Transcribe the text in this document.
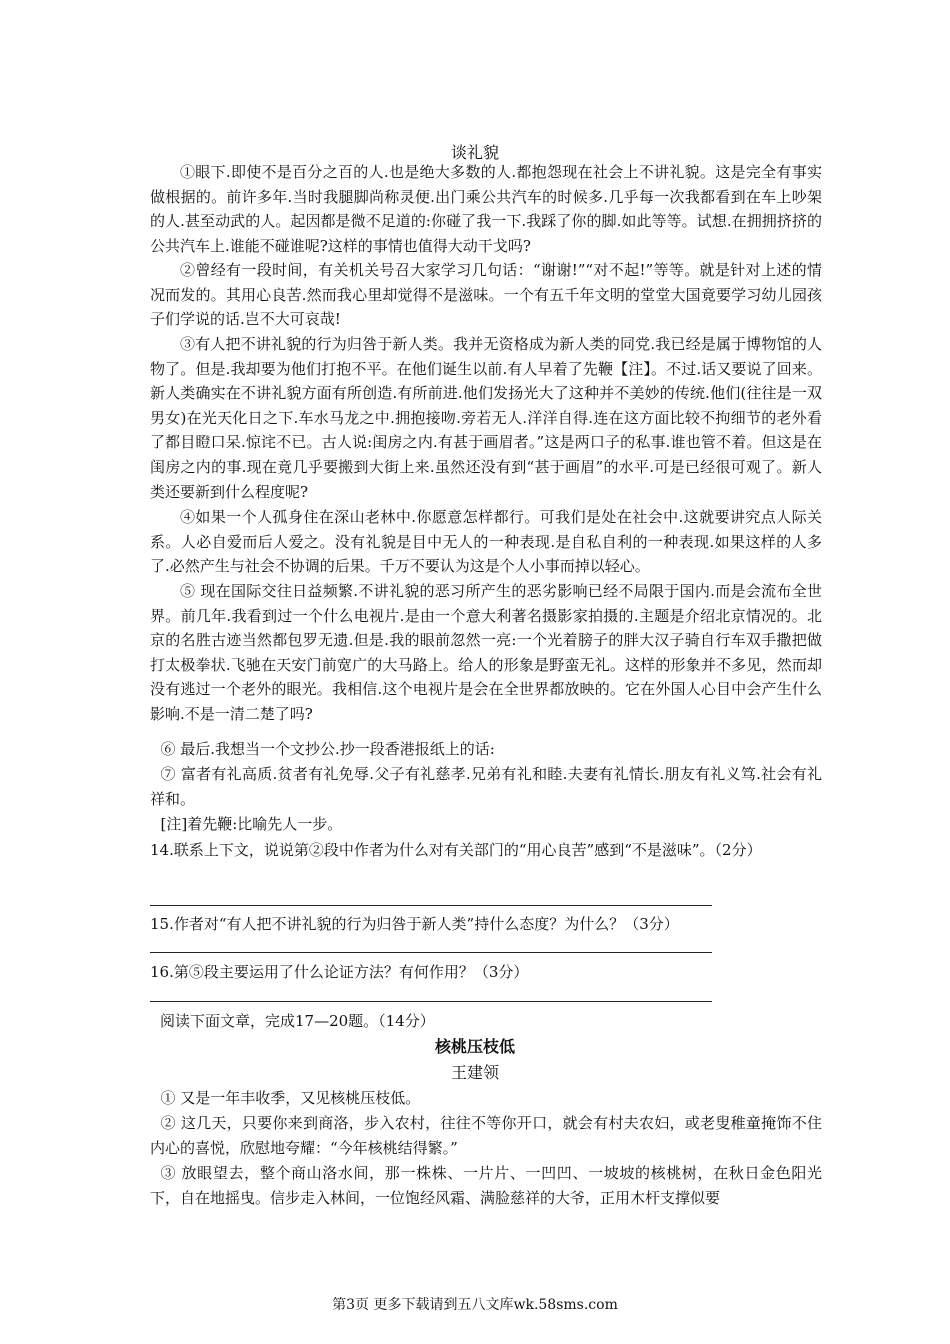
谈礼貌

①眼下.即使不是百分之百的人.也是绝大多数的人.都抱怨现在社会上不讲礼貌。这是完全有事实做根据的。前许多年.当时我腿脚尚称灵便.出门乘公共汽车的时候多.几乎每一次我都看到在车上吵架的人.甚至动武的人。起因都是微不足道的:你碰了我一下.我踩了你的脚.如此等等。试想.在拥拥挤挤的公共汽车上.谁能不碰谁呢?这样的事情也值得大动干戈吗?

②曾经有一段时间，有关机关号召大家学习几句话：“谢谢!”“对不起!”等等。就是针对上述的情况而发的。其用心良苦.然而我心里却觉得不是滋味。一个有五千年文明的堂堂大国竟要学习幼儿园孩子们学说的话.岂不大可哀哉!

③有人把不讲礼貌的行为归咎于新人类。我并无资格成为新人类的同党.我已经是属于博物馆的人物了。但是.我却要为他们打抱不平。在他们诞生以前.有人早着了先鞭【注】。不过.话又要说了回来。新人类确实在不讲礼貌方面有所创造.有所前进.他们发扬光大了这种并不美妙的传统.他们(往往是一双男女)在光天化日之下.车水马龙之中.拥抱接吻.旁若无人.洋洋自得.连在这方面比较不拘细节的老外看了都目瞪口呆.惊诧不已。古人说:闺房之内.有甚于画眉者。”这是两口子的私事.谁也管不着。但这是在闺房之内的事.现在竟几乎要搬到大街上来.虽然还没有到“甚于画眉”的水平.可是已经很可观了。新人类还要新到什么程度呢?

④如果一个人孤身住在深山老林中.你愿意怎样都行。可我们是处在社会中.这就要讲究点人际关系。人必自爱而后人爱之。没有礼貌是目中无人的一种表现.是自私自利的一种表现.如果这样的人多了.必然产生与社会不协调的后果。千万不要认为这是个人小事而掉以轻心。

⑤ 现在国际交往日益频繁.不讲礼貌的恶习所产生的恶劣影响已经不局限于国内.而是会流布全世界。前几年.我看到过一个什么电视片.是由一个意大利著名摄影家拍摄的.主题是介绍北京情况的。北京的名胜古迹当然都包罗无遗.但是.我的眼前忽然一亮:一个光着膀子的胖大汉子骑自行车双手撒把做打太极拳状.飞驰在天安门前宽广的大马路上。给人的形象是野蛮无礼。这样的形象并不多见，然而却没有逃过一个老外的眼光。我相信.这个电视片是会在全世界都放映的。它在外国人心目中会产生什么影响.不是一清二楚了吗?

⑥ 最后.我想当一个文抄公.抄一段香港报纸上的话:

⑦ 富者有礼高质.贫者有礼免辱.父子有礼慈孝.兄弟有礼和睦.夫妻有礼情长.朋友有礼义笃.社会有礼祥和。

[注]着先鞭:比喻先人一步。

14.联系上下文，说说第②段中作者为什么对有关部门的“用心良苦”感到“不是滋味”。（2分）

15.作者对“有人把不讲礼貌的行为归咎于新人类”持什么态度？为什么？（3分）
16.第⑤段主要运用了什么论证方法？有何作用？（3分）
阅读下面文章，完成17—20题。（14分）
核桃压枝低
王建领

① 又是一年丰收季，又见核桃压枝低。

② 这几天，只要你来到商洛，步入农村，往往不等你开口，就会有村夫农妇，或老叟稚童掩饰不住内心的喜悦，欣慰地夸耀：“今年核桃结得繁。”

③ 放眼望去，整个商山洛水间，那一株株、一片片、一凹凹、一坡坡的核桃树，在秋日金色阳光下，自在地摇曳。信步走入林间，一位饱经风霜、满脸慈祥的大爷，正用木杆支撑似要

第3页 更多下载请到五八文库wk.58sms.com
